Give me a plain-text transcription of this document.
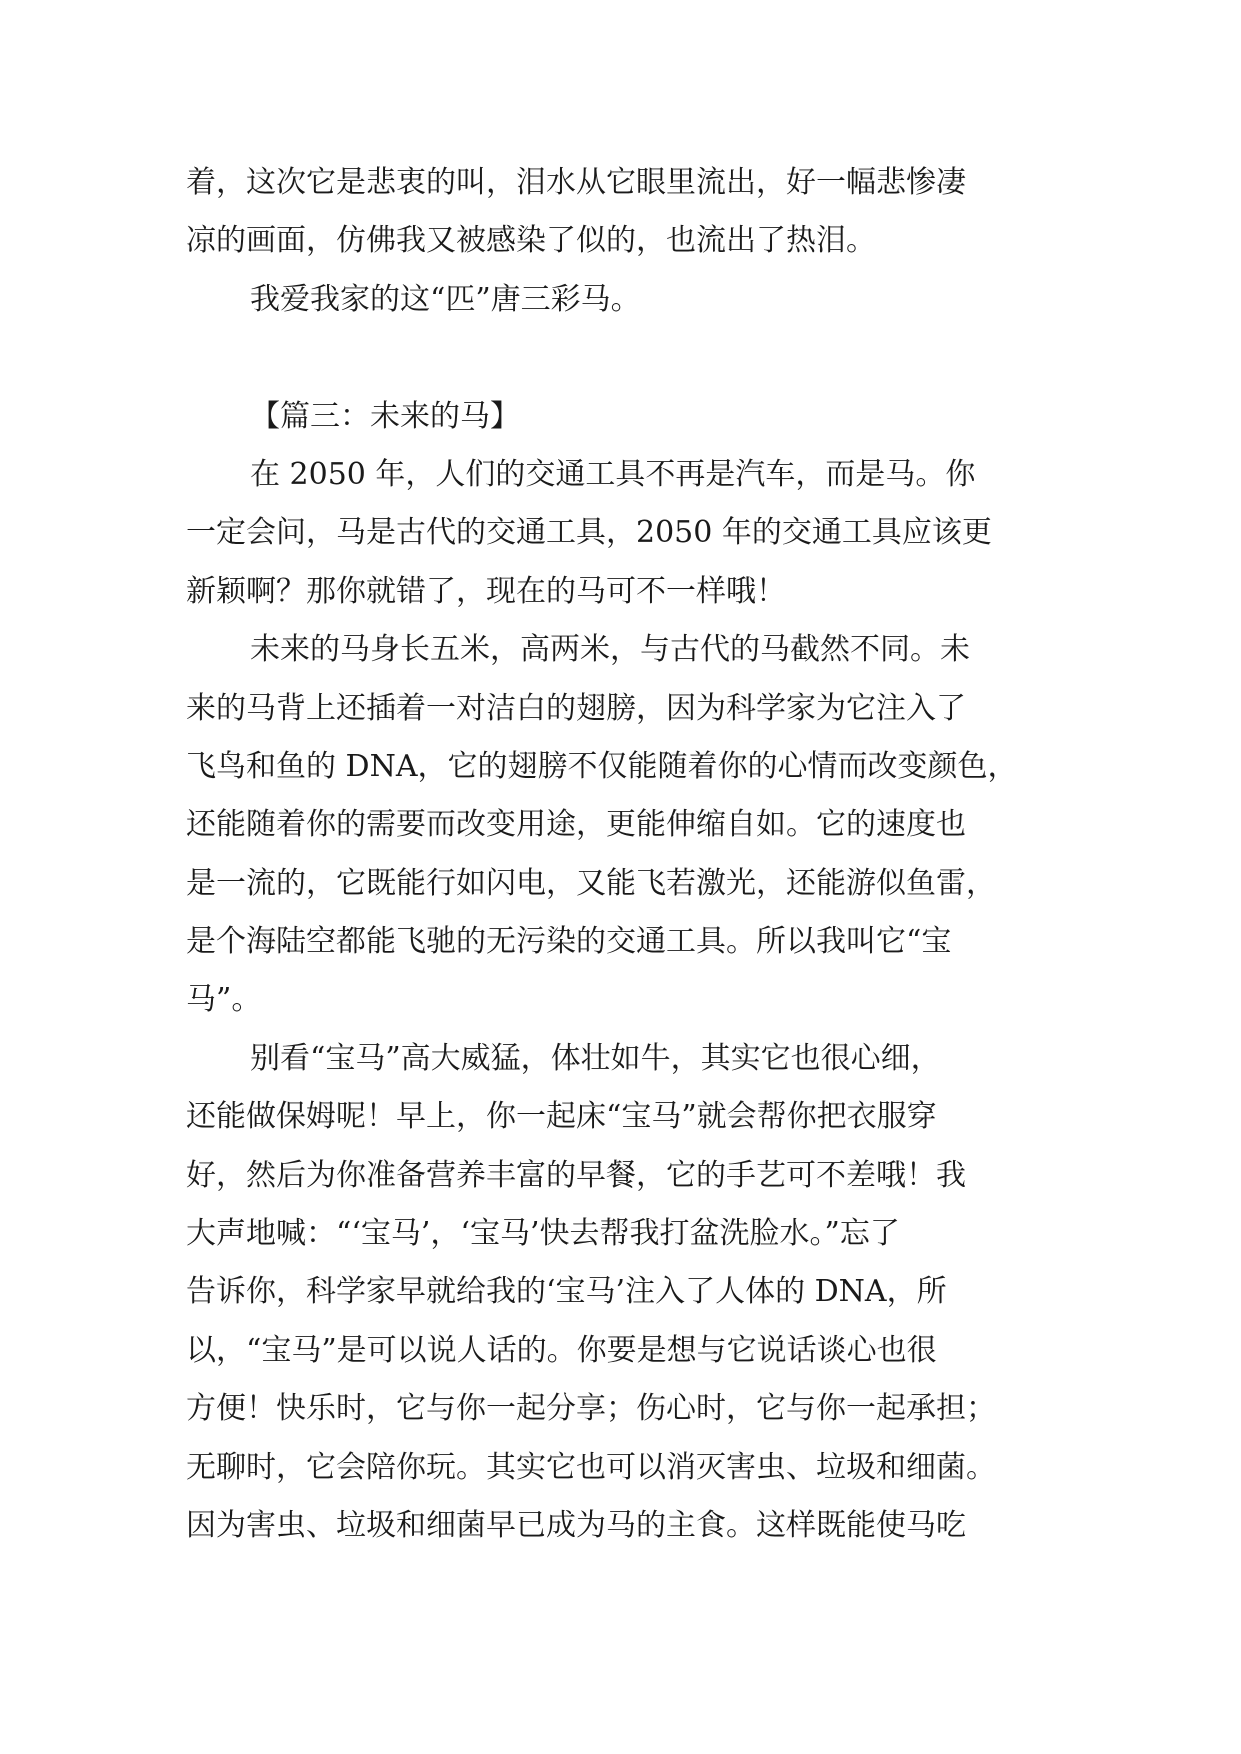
着，这次它是悲衷的叫，泪水从它眼里流出，好一幅悲惨凄
凉的画面，仿佛我又被感染了似的，也流出了热泪。
我爱我家的这“匹”唐三彩马。
【篇三：未来的马】
在 2050 年，人们的交通工具不再是汽车，而是马。你
一定会问，马是古代的交通工具，2050 年的交通工具应该更
新颖啊？那你就错了，现在的马可不一样哦！
未来的马身长五米，高两米，与古代的马截然不同。未
来的马背上还插着一对洁白的翅膀，因为科学家为它注入了
飞鸟和鱼的 DNA，它的翅膀不仅能随着你的心情而改变颜色，
还能随着你的需要而改变用途，更能伸缩自如。它的速度也
是一流的，它既能行如闪电，又能飞若激光，还能游似鱼雷，
是个海陆空都能飞驰的无污染的交通工具。所以我叫它“宝
马”。
别看“宝马”高大威猛，体壮如牛，其实它也很心细，
还能做保姆呢！早上，你一起床“宝马”就会帮你把衣服穿
好，然后为你准备营养丰富的早餐，它的手艺可不差哦！我
大声地喊：“‘宝马’，‘宝马’快去帮我打盆洗脸水。”忘了
告诉你，科学家早就给我的‘宝马’注入了人体的 DNA，所
以，“宝马”是可以说人话的。你要是想与它说话谈心也很
方便！快乐时，它与你一起分享；伤心时，它与你一起承担；
无聊时，它会陪你玩。其实它也可以消灭害虫、垃圾和细菌。
因为害虫、垃圾和细菌早已成为马的主食。这样既能使马吃
